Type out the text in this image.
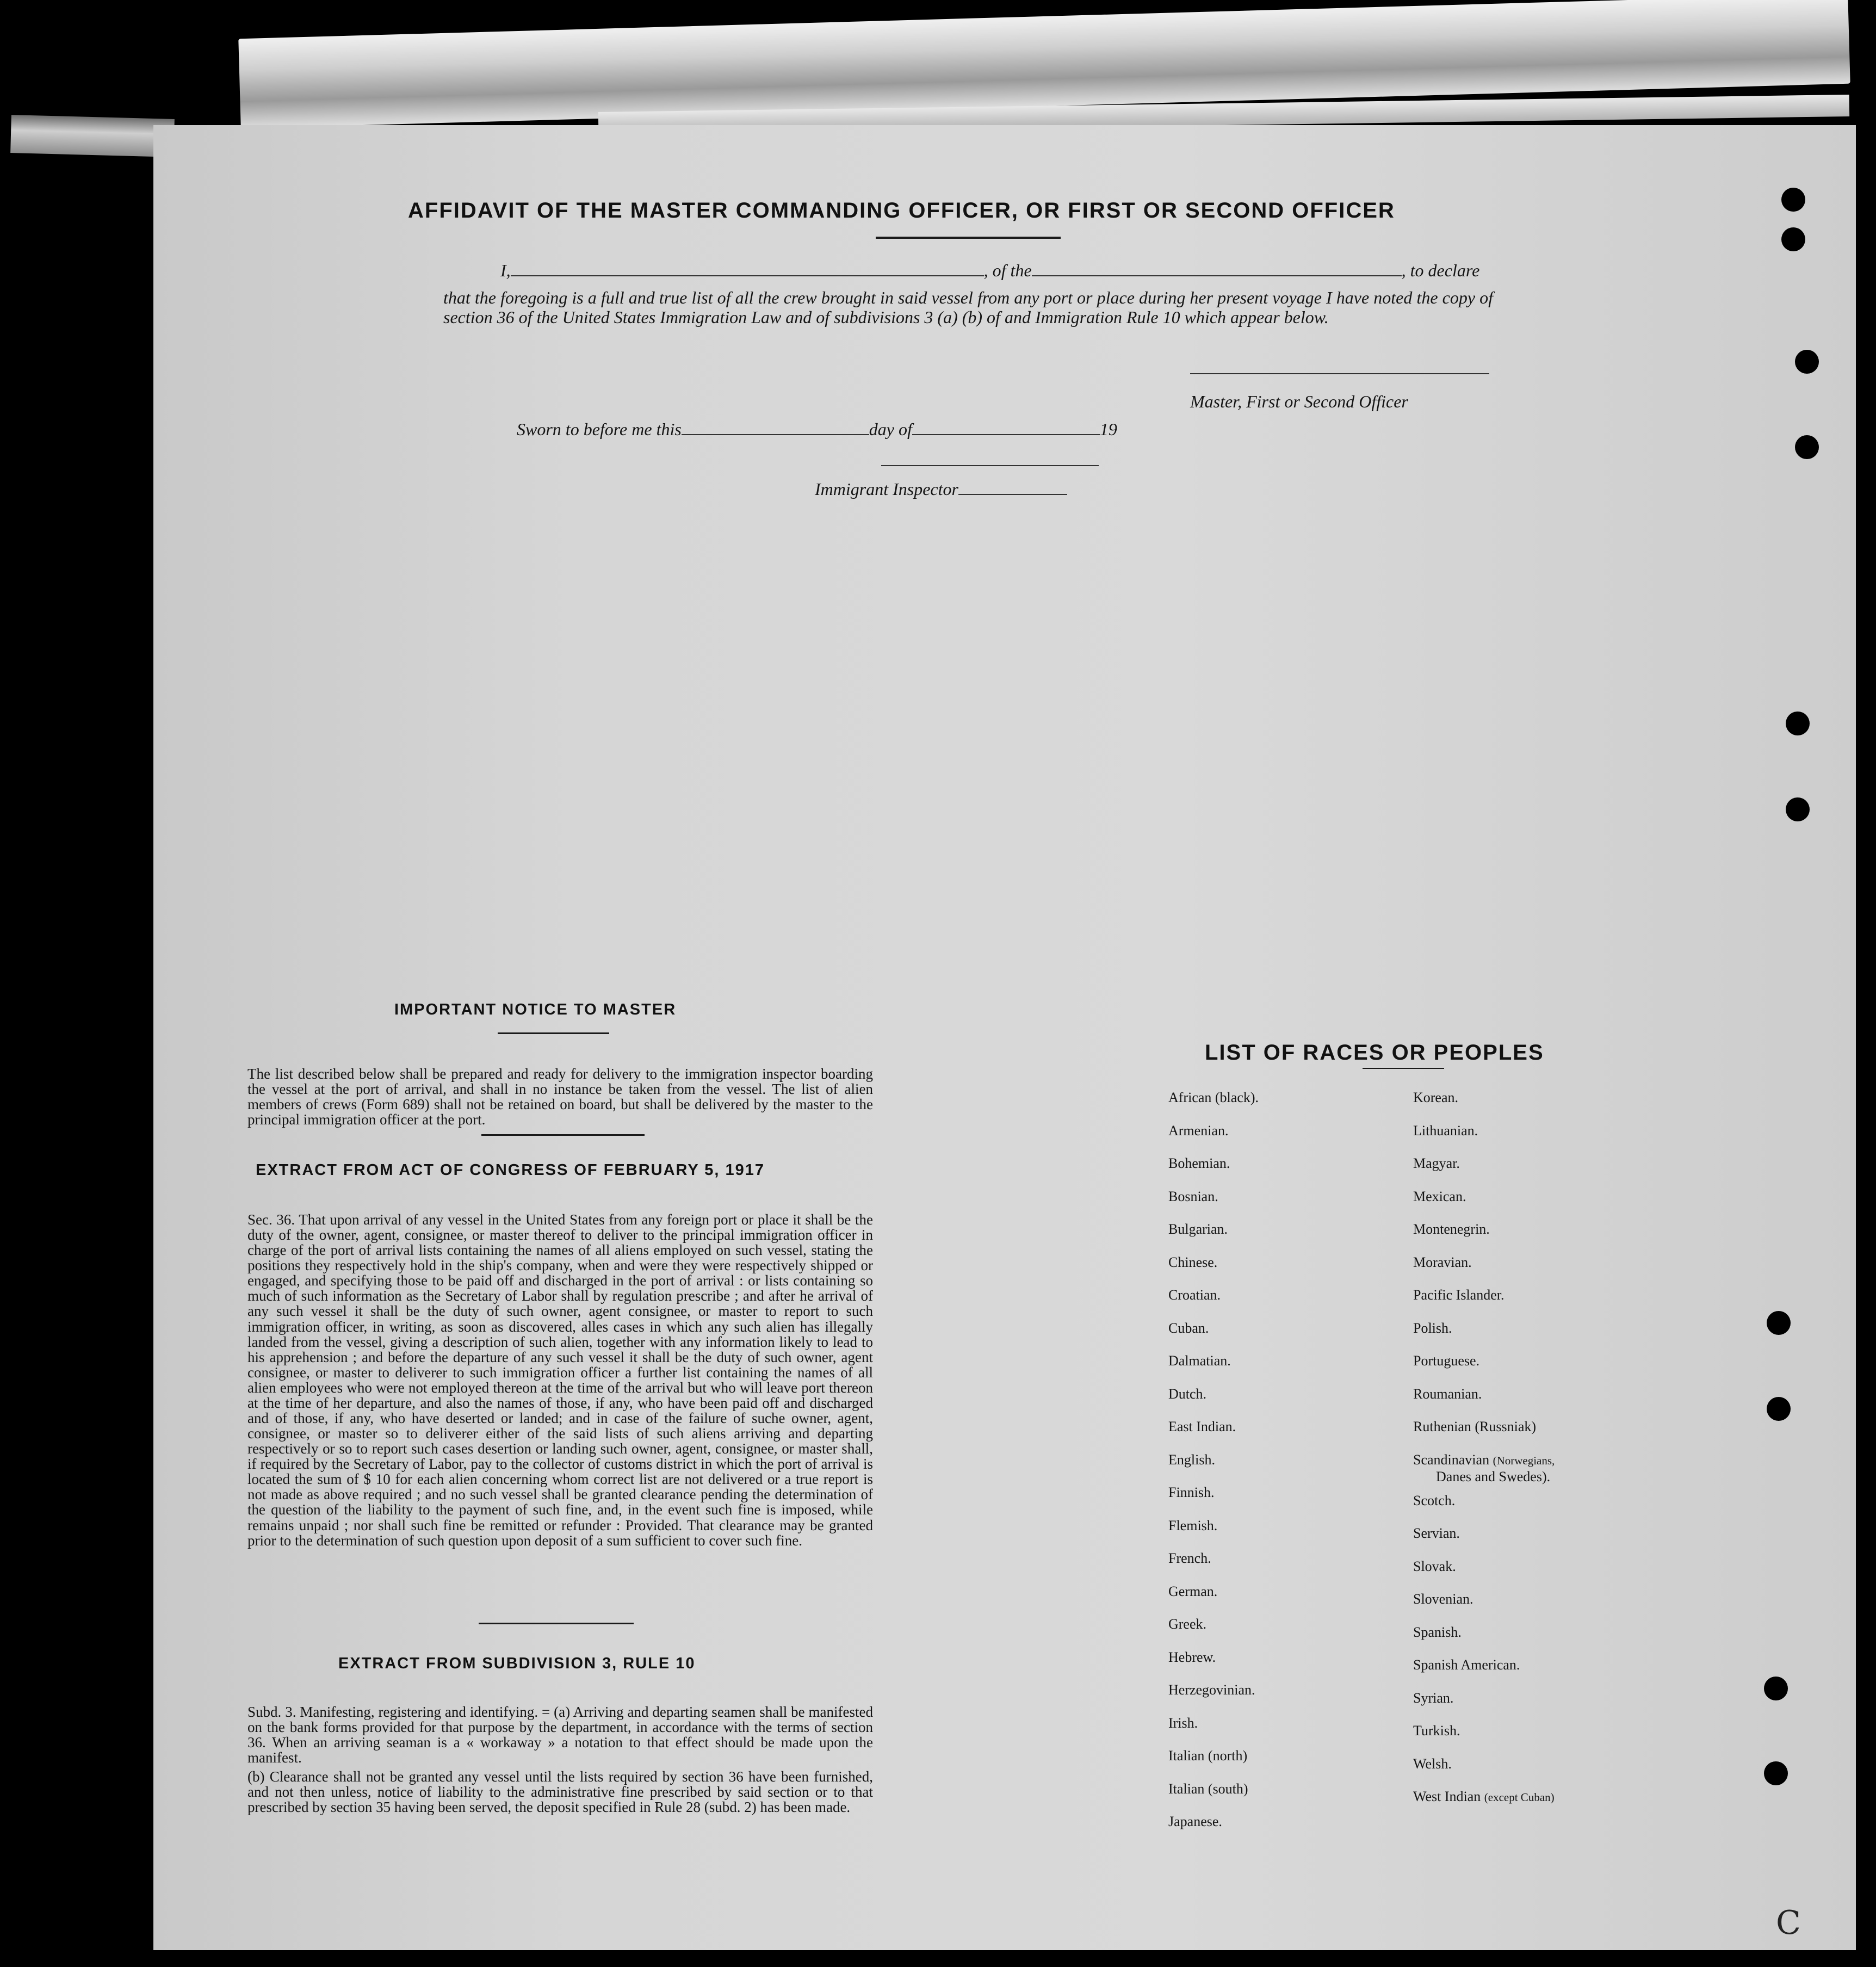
AFFIDAVIT OF THE MASTER COMMANDING OFFICER, OR FIRST OR SECOND OFFICER
I,	, of the	, to declare
that the foregoing is a full and true list of all the crew brought in said vessel from any port or place during her present voyage I have noted the copy of section 36 of the United States Immigration Law and of subdivisions 3 (a) (b) of and Immigration Rule 10 which appear below.
Master, First or Second Officer
Sworn to before me this	day of	19
Immigrant Inspector
IMPORTANT NOTICE TO MASTER
The list described below shall be prepared and ready for delivery to the immigration inspector boarding the vessel at the port of arrival, and shall in no instance be taken from the vessel. The list of alien members of crews (Form 689) shall not be retained on board, but shall be delivered by the master to the principal immigration officer at the port.
EXTRACT FROM ACT OF CONGRESS OF FEBRUARY 5, 1917
Sec. 36. That upon arrival of any vessel in the United States from any foreign port or place it shall be the duty of the owner, agent, consignee, or master thereof to deliver to the principal immigration officer in charge of the port of arrival lists containing the names of all aliens employed on such vessel, stating the positions they respectively hold in the ship's company, when and were they were respectively shipped or engaged, and specifying those to be paid off and discharged in the port of arrival : or lists containing so much of such information as the Secretary of Labor shall by regulation prescribe ; and after he arrival of any such vessel it shall be the duty of such owner, agent consignee, or master to report to such immigration officer, in writing, as soon as discovered, alles cases in which any such alien has illegally landed from the vessel, giving a description of such alien, together with any information likely to lead to his apprehension ; and before the departure of any such vessel it shall be the duty of such owner, agent consignee, or master to deliverer to such immigration officer a further list containing the names of all alien employees who were not employed thereon at the time of the arrival but who will leave port thereon at the time of her departure, and also the names of those, if any, who have been paid off and discharged and of those, if any, who have deserted or landed; and in case of the failure of suche owner, agent, consignee, or master so to deliverer either of the said lists of such aliens arriving and departing respectively or so to report such cases desertion or landing such owner, agent, consignee, or master shall, if required by the Secretary of Labor, pay to the collector of customs district in which the port of arrival is located the sum of $ 10 for each alien concerning whom correct list are not delivered or a true report is not made as above required ; and no such vessel shall be granted clearance pending the determination of the question of the liability to the payment of such fine, and, in the event such fine is imposed, while remains unpaid ; nor shall such fine be remitted or refunder : Provided. That clearance may be granted prior to the determination of such question upon deposit of a sum sufficient to cover such fine.
EXTRACT FROM SUBDIVISION 3, RULE 10
Subd. 3. Manifesting, registering and identifying. = (a) Arriving and departing seamen shall be manifested on the bank forms provided for that purpose by the department, in accordance with the terms of section 36. When an arriving seaman is a « workaway » a notation to that effect should be made upon the manifest.
(b) Clearance shall not be granted any vessel until the lists required by section 36 have been furnished, and not then unless, notice of liability to the administrative fine prescribed by said section or to that prescribed by section 35 having been served, the deposit specified in Rule 28 (subd. 2) has been made.
LIST OF RACES OR PEOPLES
African (black).
Armenian.
Bohemian.
Bosnian.
Bulgarian.
Chinese.
Croatian.
Cuban.
Dalmatian.
Dutch.
East Indian.
English.
Finnish.
Flemish.
French.
German.
Greek.
Hebrew.
Herzegovinian.
Irish.
Italian (north)
Italian (south)
Japanese.
Korean.
Lithuanian.
Magyar.
Mexican.
Montenegrin.
Moravian.
Pacific Islander.
Polish.
Portuguese.
Roumanian.
Ruthenian (Russniak)
Scandinavian (Norwegians,
Danes and Swedes).
Scotch.
Servian.
Slovak.
Slovenian.
Spanish.
Spanish American.
Syrian.
Turkish.
Welsh.
West Indian (except Cuban)
C
